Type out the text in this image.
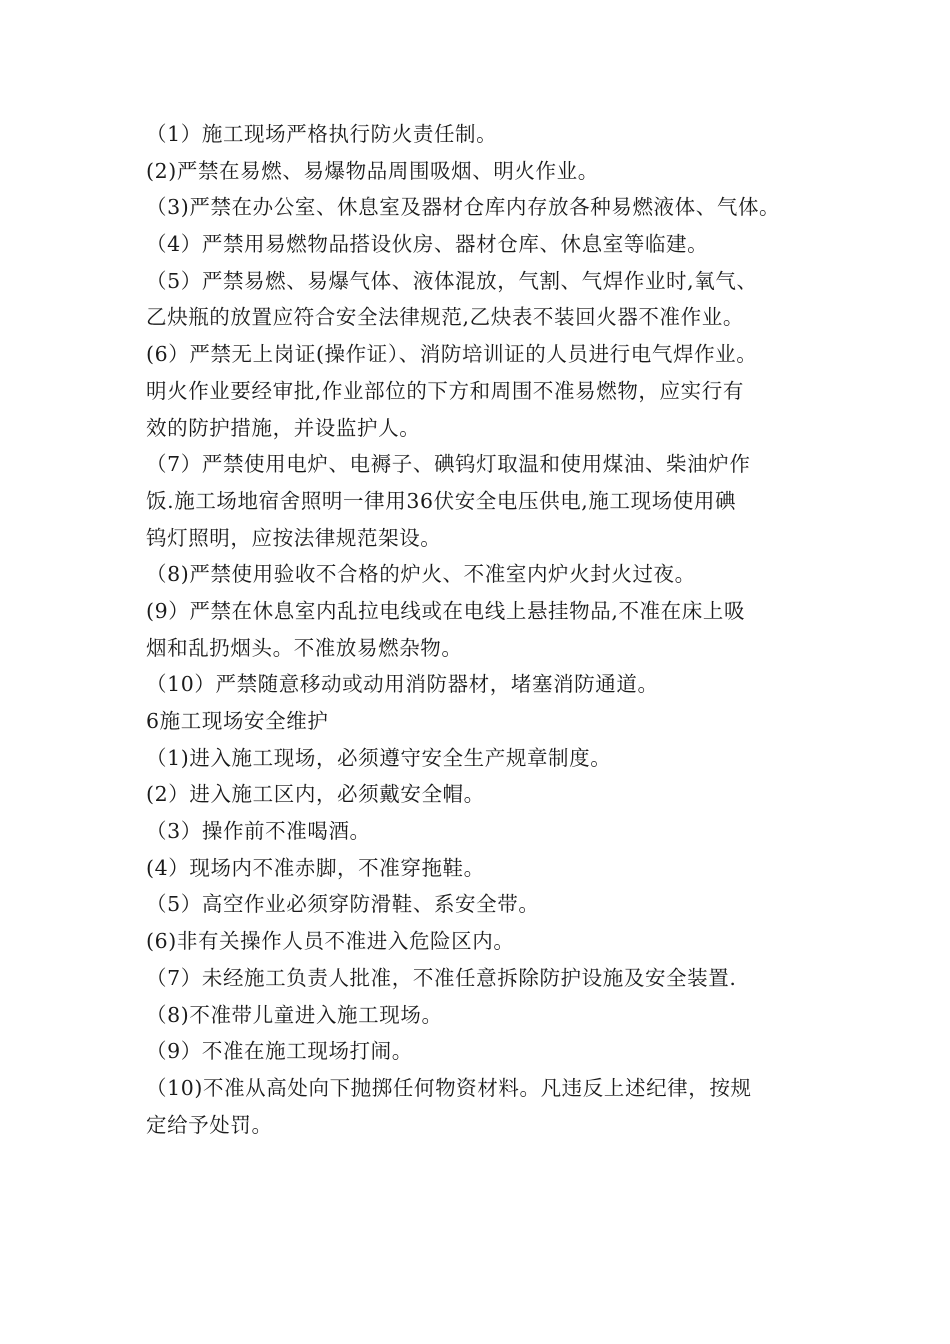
（1）施工现场严格执行防火责任制。
(2)严禁在易燃、易爆物品周围吸烟、明火作业。
（3)严禁在办公室、休息室及器材仓库内存放各种易燃液体、气体。
（4）严禁用易燃物品搭设伙房、器材仓库、休息室等临建。
（5）严禁易燃、易爆气体、液体混放，气割、气焊作业时,氧气、
乙炔瓶的放置应符合安全法律规范,乙炔表不装回火器不准作业。
(6）严禁无上岗证(操作证）、消防培训证的人员进行电气焊作业。
明火作业要经审批,作业部位的下方和周围不准易燃物，应实行有
效的防护措施，并设监护人。
（7）严禁使用电炉、电褥子、碘钨灯取温和使用煤油、柴油炉作
饭.施工场地宿舍照明一律用36伏安全电压供电,施工现场使用碘
钨灯照明，应按法律规范架设。
（8)严禁使用验收不合格的炉火、不准室内炉火封火过夜。
(9）严禁在休息室内乱拉电线或在电线上悬挂物品,不准在床上吸
烟和乱扔烟头。不准放易燃杂物。
（10）严禁随意移动或动用消防器材，堵塞消防通道。
6施工现场安全维护
（1)进入施工现场，必须遵守安全生产规章制度。
(2）进入施工区内，必须戴安全帽。
（3）操作前不准喝酒。
(4）现场内不准赤脚，不准穿拖鞋。
（5）高空作业必须穿防滑鞋、系安全带。
(6)非有关操作人员不准进入危险区内。
（7）未经施工负责人批准，不准任意拆除防护设施及安全装置.
（8)不准带儿童进入施工现场。
（9）不准在施工现场打闹。
（10)不准从高处向下抛掷任何物资材料。凡违反上述纪律，按规
定给予处罚。
